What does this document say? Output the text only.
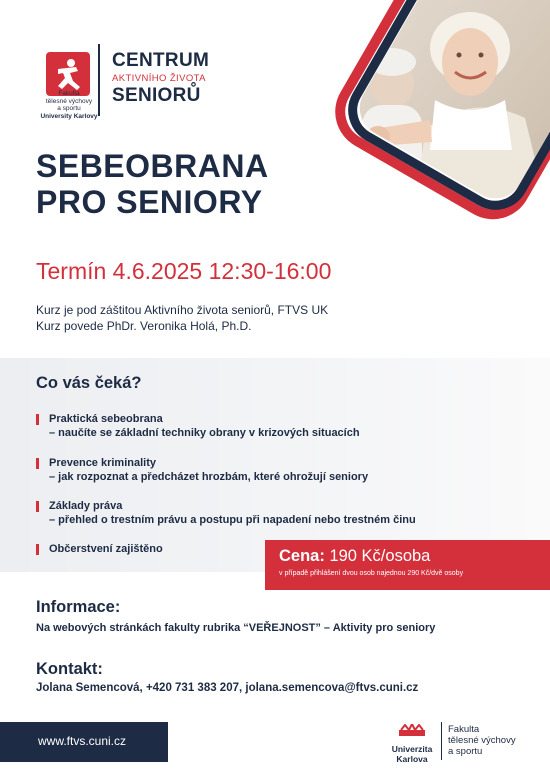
Fakulta
tělesné výchovy
a sportu
University Karlovy
CENTRUM
AKTIVNÍHO ŽIVOTA
SENIORŮ
SEBEOBRANA
PRO SENIORY
Termín 4.6.2025 12:30-16:00
Kurz je pod záštitou Aktivního života seniorů, FTVS UK
Kurz povede PhDr. Veronika Holá, Ph.D.
Co vás čeká?
Praktická sebeobrana
– naučíte se základní techniky obrany v krizových situacích
Prevence kriminality
– jak rozpoznat a předcházet hrozbám, které ohrožují seniory
Základy práva
– přehled o trestním právu a postupu při napadení nebo trestném činu
Občerstvení zajištěno	Cena: 190 Kč/osoba
v případě přihlášení dvou osob najednou 290 Kč/dvě osoby
Informace:
Na webových stránkách fakulty rubrika “VEŘEJNOST” – Aktivity pro seniory
Kontakt:
Jolana Semencová, +420 731 383 207, jolana.semencova@ftvs.cuni.cz
www.ftvs.cuni.cz
Univerzita
Karlova
Fakulta
tělesné výchovy
a sportu
